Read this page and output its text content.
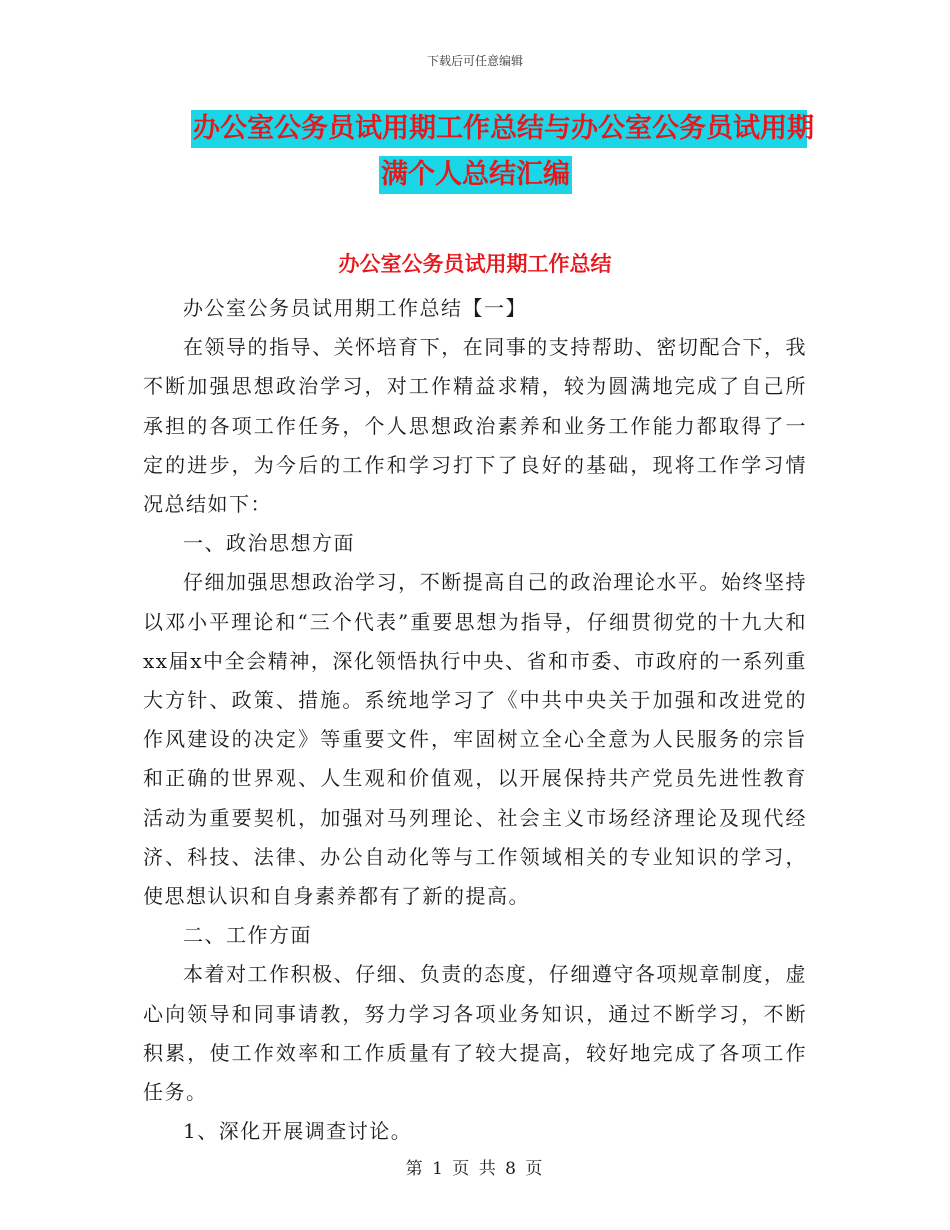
下载后可任意编辑
办公室公务员试用期工作总结与办公室公务员试用期
满个人总结汇编
办公室公务员试用期工作总结

办公室公务员试用期工作总结【一】

在领导的指导、关怀培育下，在同事的支持帮助、密切配合下，我不断加强思想政治学习，对工作精益求精，较为圆满地完成了自己所承担的各项工作任务，个人思想政治素养和业务工作能力都取得了一定的进步，为今后的工作和学习打下了良好的基础，现将工作学习情况总结如下：

一、政治思想方面

仔细加强思想政治学习，不断提高自己的政治理论水平。始终坚持以邓小平理论和“三个代表”重要思想为指导，仔细贯彻党的十九大和xx届x中全会精神，深化领悟执行中央、省和市委、市政府的一系列重大方针、政策、措施。系统地学习了《中共中央关于加强和改进党的作风建设的决定》等重要文件，牢固树立全心全意为人民服务的宗旨和正确的世界观、人生观和价值观，以开展保持共产党员先进性教育活动为重要契机，加强对马列理论、社会主义市场经济理论及现代经济、科技、法律、办公自动化等与工作领域相关的专业知识的学习，使思想认识和自身素养都有了新的提高。

二、工作方面

本着对工作积极、仔细、负责的态度，仔细遵守各项规章制度，虚心向领导和同事请教，努力学习各项业务知识，通过不断学习，不断积累，使工作效率和工作质量有了较大提高，较好地完成了各项工作任务。

1、深化开展调查讨论。

第 1 页 共 8 页
